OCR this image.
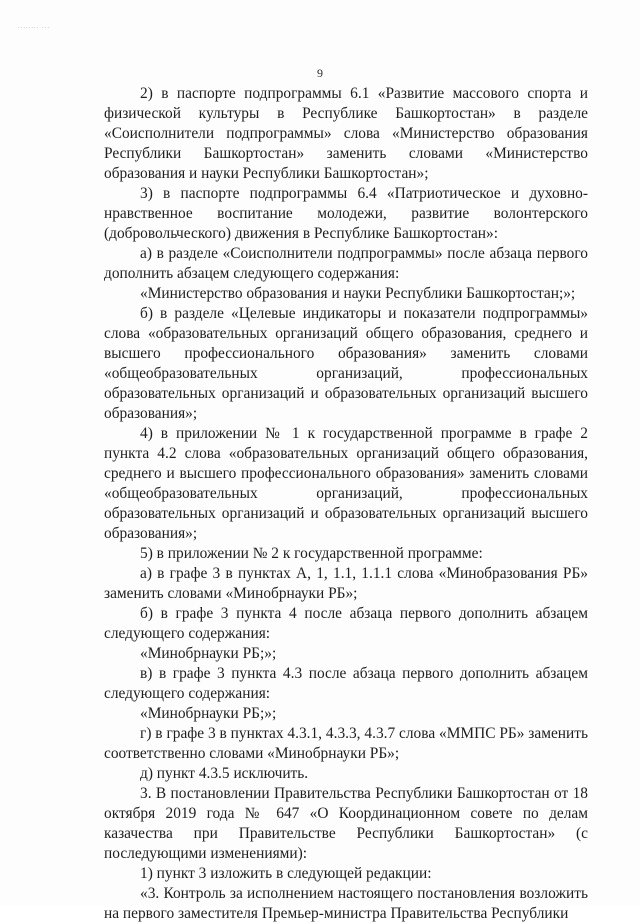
........ ...
9

2) в паспорте подпрограммы 6.1 «Развитие массового спорта и физической культуры в Республике Башкортостан» в разделе «Соисполнители подпрограммы» слова «Министерство образования Республики Башкортостан» заменить словами «Министерство образования и науки Республики Башкортостан»;

3) в паспорте подпрограммы 6.4 «Патриотическое и духовно-нравственное воспитание молодежи, развитие волонтерского (добровольческого) движения в Республике Башкортостан»:

а) в разделе «Соисполнители подпрограммы» после абзаца первого дополнить абзацем следующего содержания:

«Министерство образования и науки Республики Башкортостан;»;

б) в разделе «Целевые индикаторы и показатели подпрограммы» слова «образовательных организаций общего образования, среднего и высшего профессионального образования» заменить словами «общеобразовательных организаций, профессиональных образовательных организаций и образовательных организаций высшего образования»;

4) в приложении № 1 к государственной программе в графе 2 пункта 4.2 слова «образовательных организаций общего образования, среднего и высшего профессионального образования» заменить словами «общеобразовательных организаций, профессиональных образовательных организаций и образовательных организаций высшего образования»;

5) в приложении № 2 к государственной программе:

а) в графе 3 в пунктах А, 1, 1.1, 1.1.1 слова «Минобразования РБ» заменить словами «Минобрнауки РБ»;

б) в графе 3 пункта 4 после абзаца первого дополнить абзацем следующего содержания:

«Минобрнауки РБ;»;

в) в графе 3 пункта 4.3 после абзаца первого дополнить абзацем следующего содержания:

«Минобрнауки РБ;»;

г) в графе 3 в пунктах 4.3.1, 4.3.3, 4.3.7 слова «ММПС РБ» заменить соответственно словами «Минобрнауки РБ»;

д) пункт 4.3.5 исключить.

3. В постановлении Правительства Республики Башкортостан от 18 октября 2019 года № 647 «О Координационном совете по делам казачества при Правительстве Республики Башкортостан» (с последующими изменениями):

1) пункт 3 изложить в следующей редакции:

«3. Контроль за исполнением настоящего постановления возложить на первого заместителя Премьер-министра Правительства Республики
